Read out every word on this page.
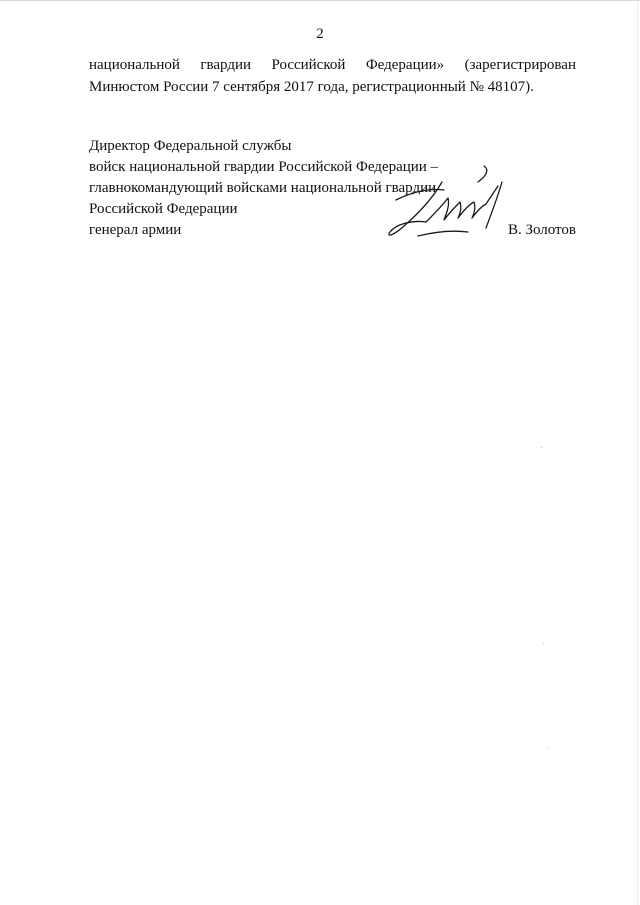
2
национальной гвардии Российской Федерации» (зарегистрирован
Минюстом России 7 сентября 2017 года, регистрационный № 48107).
Директор Федеральной службы
войск национальной гвардии Российской Федерации –
главнокомандующий войсками национальной гвардии
Российской Федерации
генерал армии	В. Золотов
